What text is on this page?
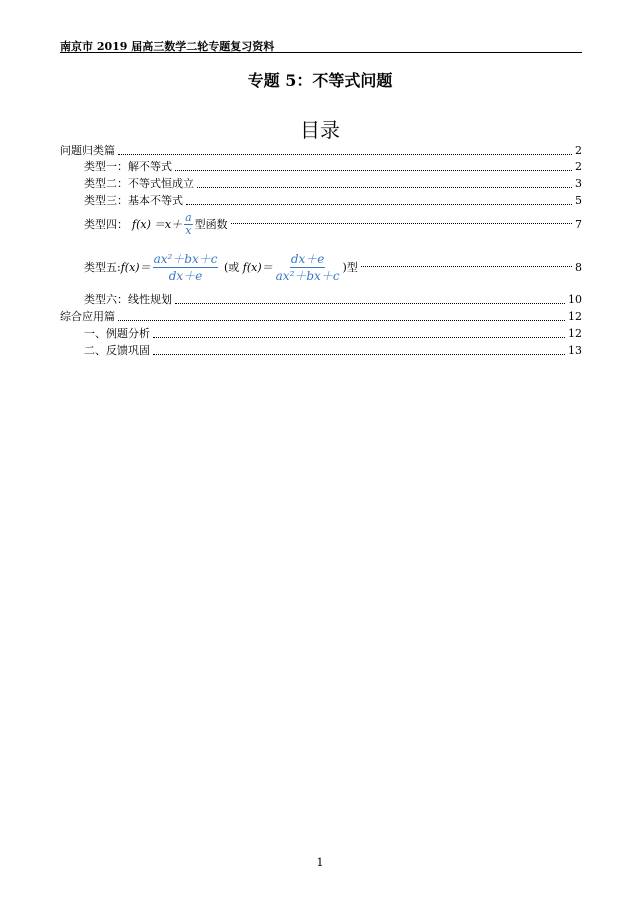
南京市 2019 届高三数学二轮专题复习资料
专题 5：不等式问题
目录
问题归类篇	2
类型一：解不等式	2
类型二：不等式恒成立	3
类型三：基本不等式	5
类型四： f $(x) =x+ \frac{a}{x}$ 型函数	7
类型五: $f(x)= \frac{\text{ax²＋bx＋c}}{dx+e}$ (或 $f(x)= \frac{dx+e}{\text{ax²＋bx＋c}}$ )型	8
类型六：线性规划	10
综合应用篇	12
一、例题分析	12
二、反馈巩固	13
1
